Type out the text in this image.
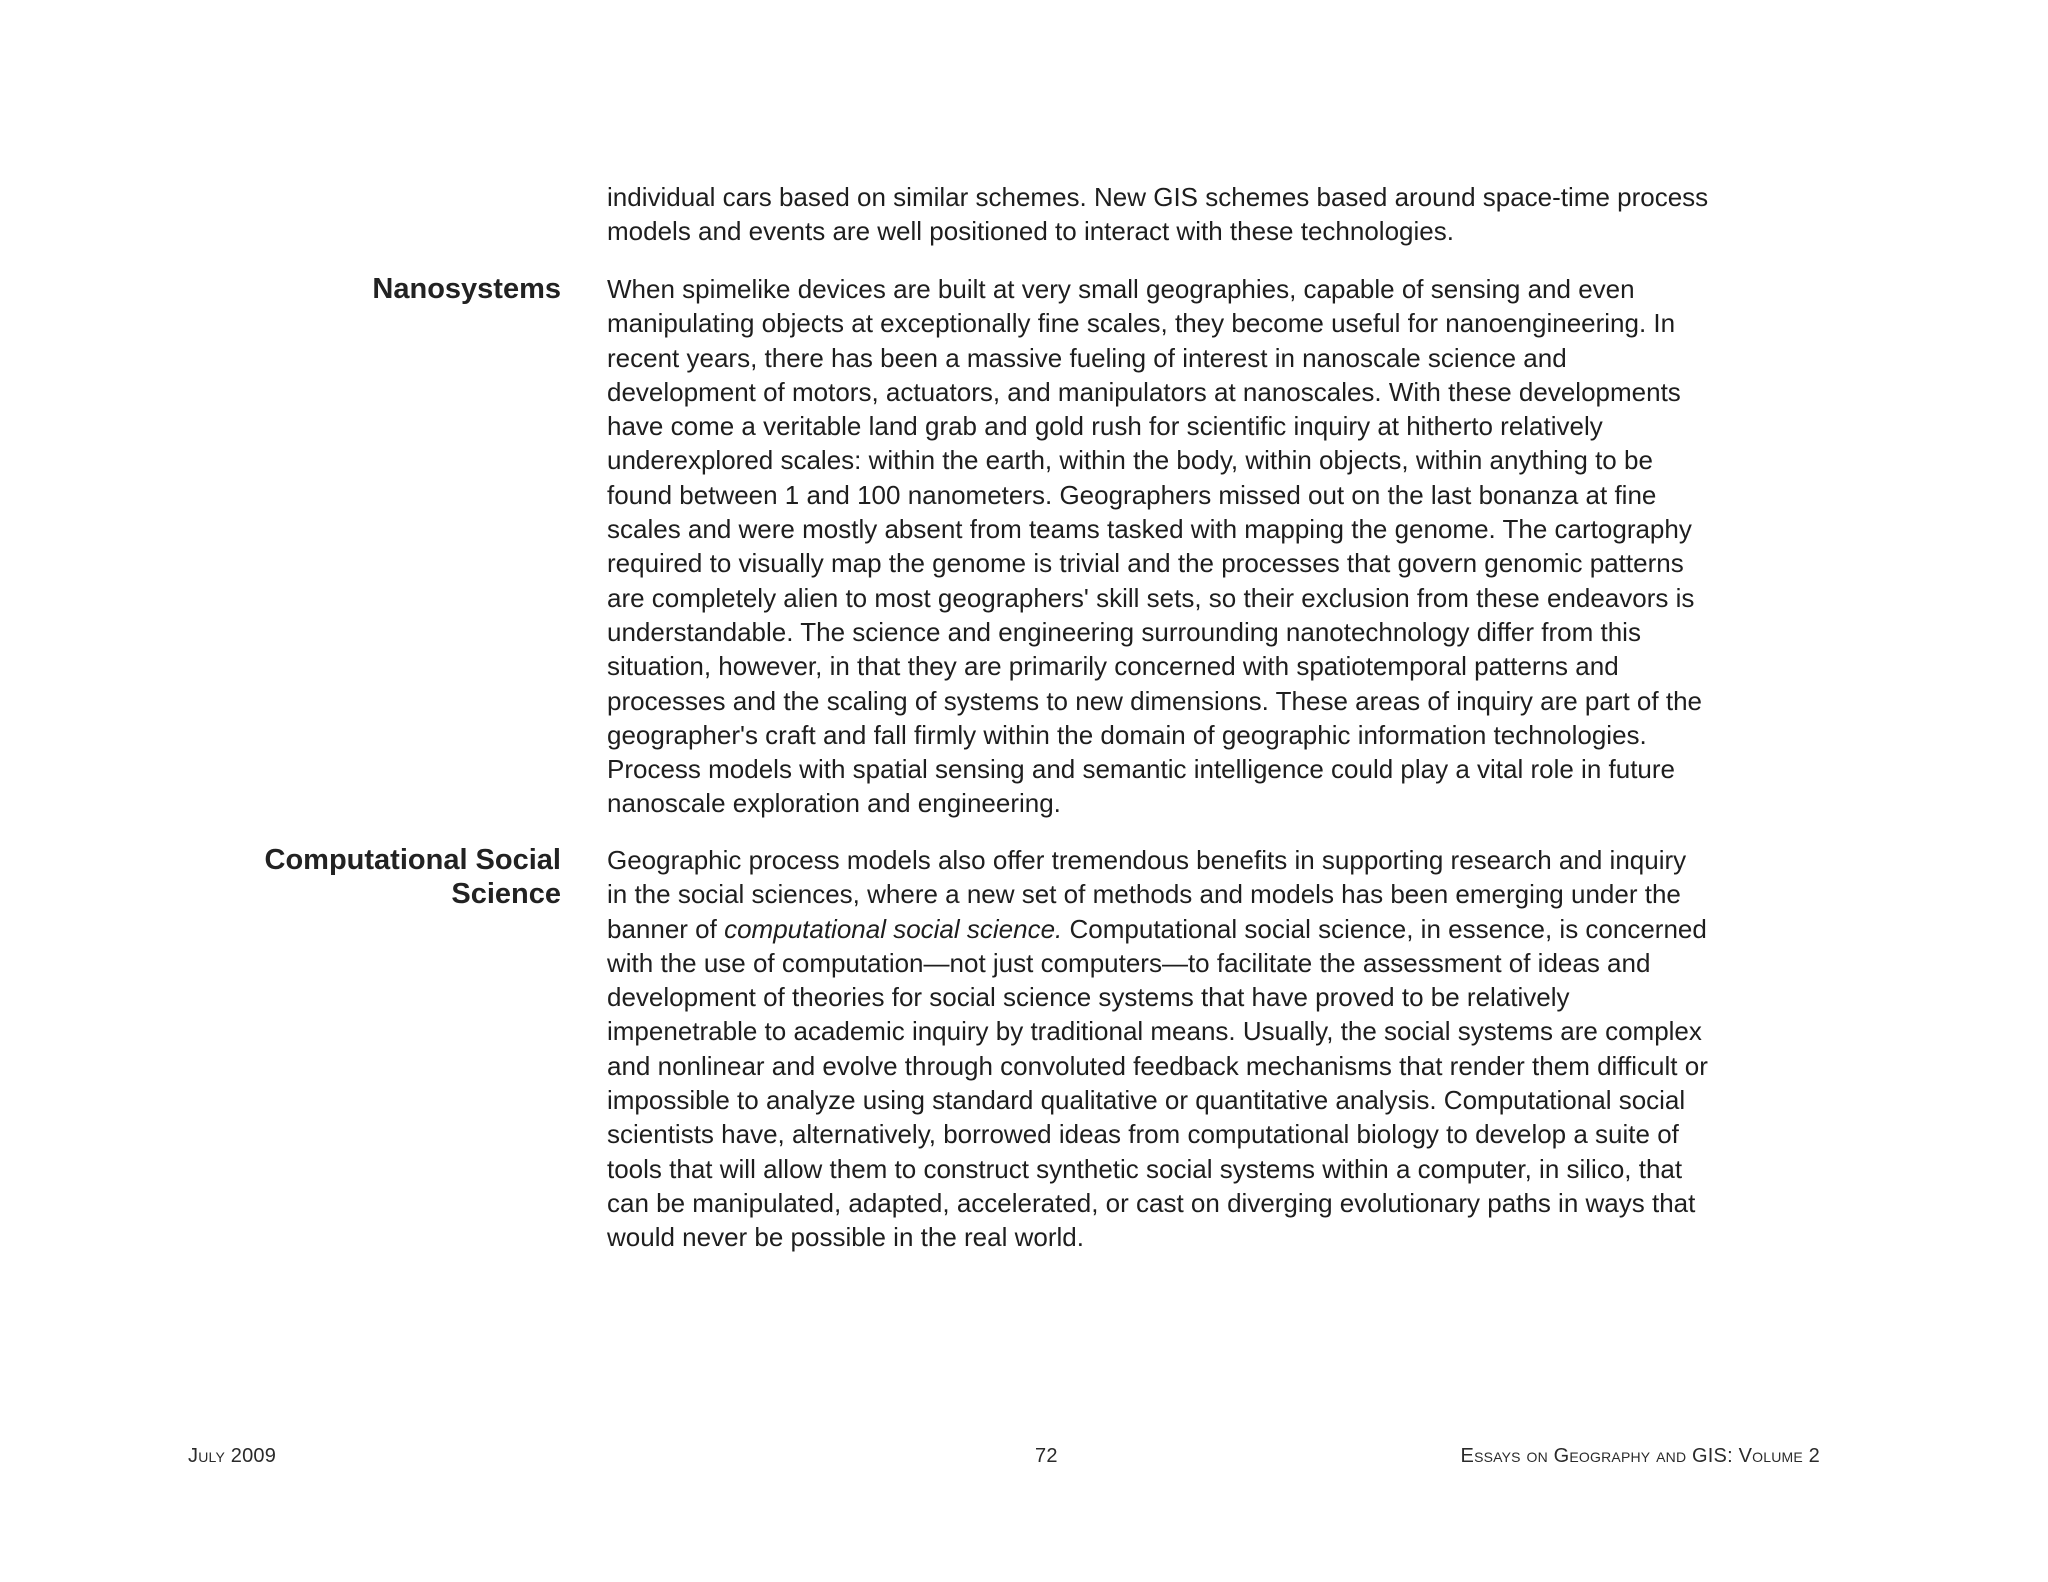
individual cars based on similar schemes. New GIS schemes based around space-time process
models and events are well positioned to interact with these technologies.
Nanosystems When spimelike devices are built at very small geographies, capable of sensing and even
manipulating objects at exceptionally fine scales, they become useful for nanoengineering. In
recent years, there has been a massive fueling of interest in nanoscale science and
development of motors, actuators, and manipulators at nanoscales. With these developments
have come a veritable land grab and gold rush for scientific inquiry at hitherto relatively
underexplored scales: within the earth, within the body, within objects, within anything to be
found between 1 and 100 nanometers. Geographers missed out on the last bonanza at fine
scales and were mostly absent from teams tasked with mapping the genome. The cartography
required to visually map the genome is trivial and the processes that govern genomic patterns
are completely alien to most geographers' skill sets, so their exclusion from these endeavors is
understandable. The science and engineering surrounding nanotechnology differ from this
situation, however, in that they are primarily concerned with spatiotemporal patterns and
processes and the scaling of systems to new dimensions. These areas of inquiry are part of the
geographer's craft and fall firmly within the domain of geographic information technologies.
Process models with spatial sensing and semantic intelligence could play a vital role in future
nanoscale exploration and engineering.
Computational Social
Science
Geographic process models also offer tremendous benefits in supporting research and inquiry
in the social sciences, where a new set of methods and models has been emerging under the
banner of computational social science. Computational social science, in essence, is concerned
with the use of computation—not just computers—to facilitate the assessment of ideas and
development of theories for social science systems that have proved to be relatively
impenetrable to academic inquiry by traditional means. Usually, the social systems are complex
and nonlinear and evolve through convoluted feedback mechanisms that render them difficult or
impossible to analyze using standard qualitative or quantitative analysis. Computational social
scientists have, alternatively, borrowed ideas from computational biology to develop a suite of
tools that will allow them to construct synthetic social systems within a computer, in silico, that
can be manipulated, adapted, accelerated, or cast on diverging evolutionary paths in ways that
would never be possible in the real world.
July 2009	72	Essays on Geography and GIS: Volume 2
